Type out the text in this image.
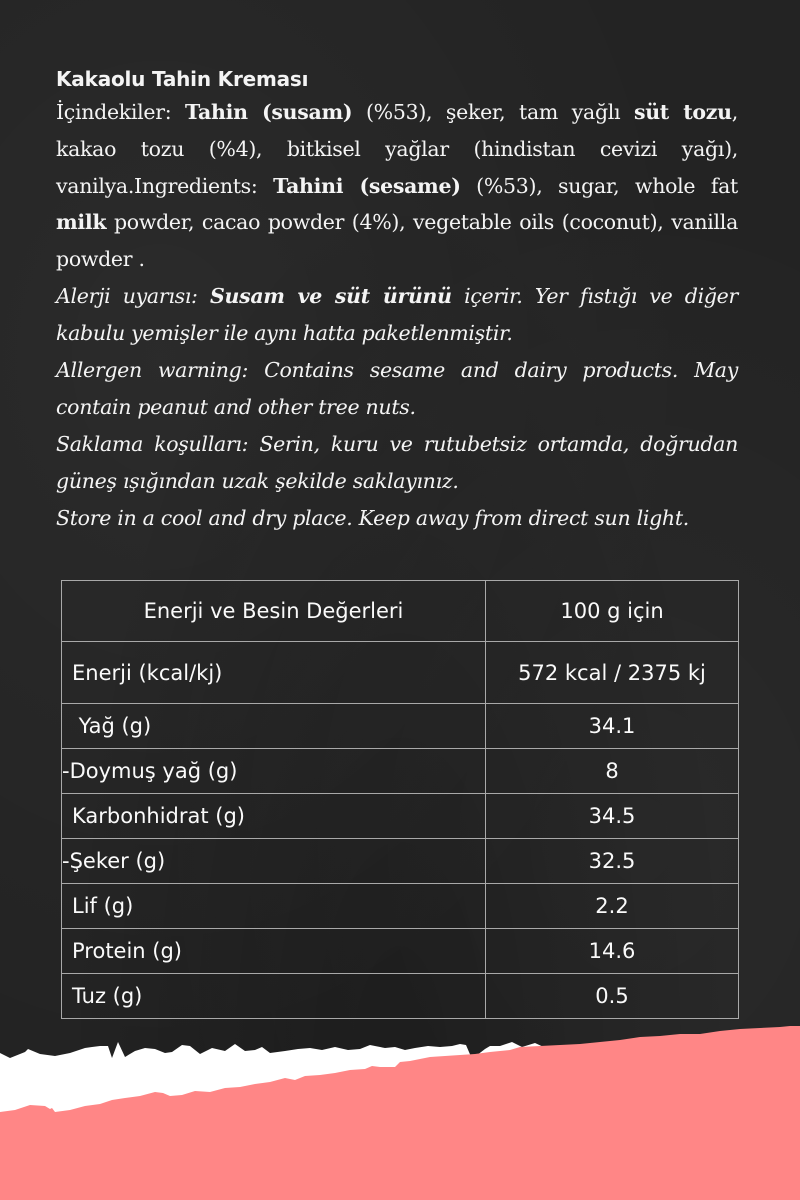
Kakaolu Tahin Kreması

İçindekiler: Tahin (susam) (%53), şeker, tam yağlı süt tozu, kakao tozu (%4), bitkisel yağlar (hindistan cevizi yağı), vanilya.Ingredients: Tahini (sesame) (%53), sugar, whole fat milk powder, cacao powder (4%), vegetable oils (coconut), vanilla powder .

Alerji uyarısı: Susam ve süt ürünü içerir. Yer fıstığı ve diğer kabulu yemişler ile aynı hatta paketlenmiştir.

Allergen warning: Contains sesame and dairy products. May contain peanut and other tree nuts.

Saklama koşulları: Serin, kuru ve rutubetsiz ortamda, doğrudan güneş ışığından uzak şekilde saklayınız.

Store in a cool and dry place. Keep away from direct sun light.

Enerji ve Besin Değerleri	100 g için
Enerji (kcal/kj)	572 kcal / 2375 kj
Yağ (g)	34.1
-Doymuş yağ (g)	8
Karbonhidrat (g)	34.5
-Şeker (g)	32.5
Lif (g)	2.2
Protein (g)	14.6
Tuz (g)	0.5
